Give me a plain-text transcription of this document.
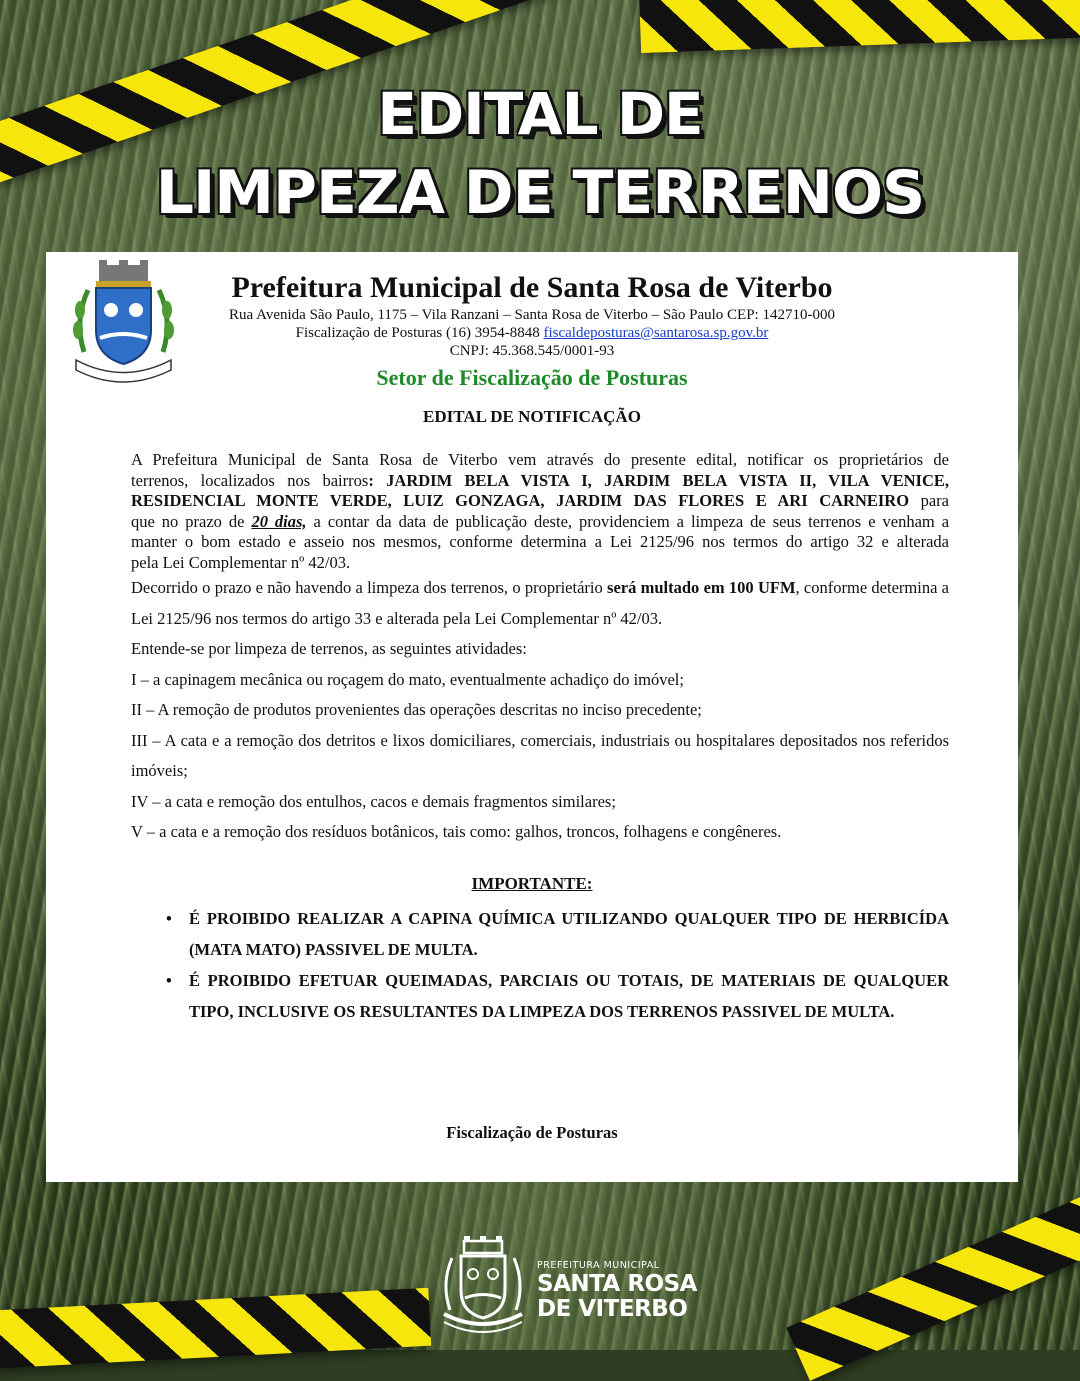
EDITAL DE
LIMPEZA DE TERRENOS
Prefeitura Municipal de Santa Rosa de Viterbo
Rua Avenida São Paulo, 1175 – Vila Ranzani – Santa Rosa de Viterbo – São Paulo CEP: 142710-000
Fiscalização de Posturas (16) 3954-8848 fiscaldeposturas@santarosa.sp.gov.br
CNPJ: 45.368.545/0001-93
Setor de Fiscalização de Posturas
EDITAL DE NOTIFICAÇÃO
A Prefeitura Municipal de Santa Rosa de Viterbo vem através do presente edital, notificar os proprietários de
terrenos, localizados nos bairros: JARDIM BELA VISTA I, JARDIM BELA VISTA II, VILA VENICE,
RESIDENCIAL MONTE VERDE, LUIZ GONZAGA, JARDIM DAS FLORES E ARI CARNEIRO para
que no prazo de 20 dias, a contar da data de publicação deste, providenciem a limpeza de seus terrenos e venham a
manter o bom estado e asseio nos mesmos, conforme determina a Lei 2125/96 nos termos do artigo 32 e alterada
pela Lei Complementar nº 42/03.

Decorrido o prazo e não havendo a limpeza dos terrenos, o proprietário será multado em 100 UFM, conforme determina a Lei 2125/96 nos termos do artigo 33 e alterada pela Lei Complementar nº 42/03.

Entende-se por limpeza de terrenos, as seguintes atividades:

I – a capinagem mecânica ou roçagem do mato, eventualmente achadiço do imóvel;

II – A remoção de produtos provenientes das operações descritas no inciso precedente;

III – A cata e a remoção dos detritos e lixos domiciliares, comerciais, industriais ou hospitalares depositados nos referidos imóveis;

IV – a cata e remoção dos entulhos, cacos e demais fragmentos similares;

V – a cata e a remoção dos resíduos botânicos, tais como: galhos, troncos, folhagens e congêneres.

IMPORTANTE:
• É PROIBIDO REALIZAR A CAPINA QUÍMICA UTILIZANDO QUALQUER TIPO DE HERBICÍDA (MATA MATO) PASSIVEL DE MULTA.
• É PROIBIDO EFETUAR QUEIMADAS, PARCIAIS OU TOTAIS, DE MATERIAIS DE QUALQUER TIPO, INCLUSIVE OS RESULTANTES DA LIMPEZA DOS TERRENOS PASSIVEL DE MULTA.
Fiscalização de Posturas
PREFEITURA MUNICIPAL
SANTA ROSA
DE VITERBO
